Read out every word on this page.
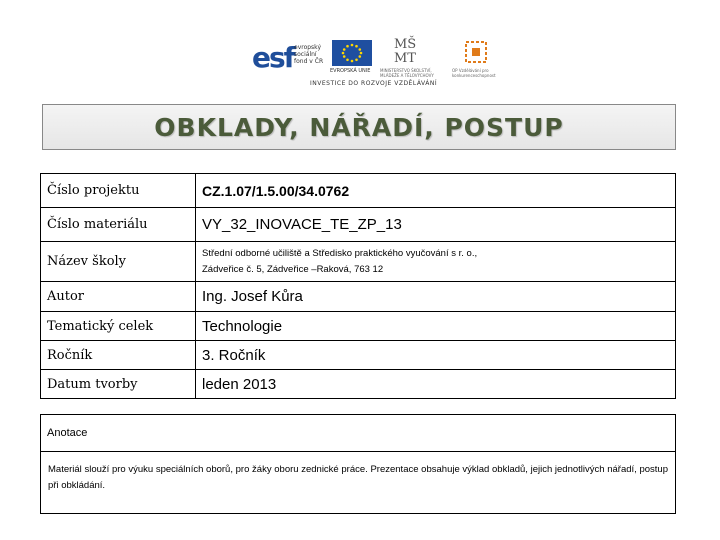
esf evropský sociální fond v ČR
EVROPSKÁ UNIE
MŠ MT
MINISTERSTVO ŠKOLSTVÍ, MLÁDEŽE A TĚLOVÝCHOVY
OP Vzdělávání pro konkurenceschopnost
INVESTICE DO ROZVOJE VZDĚLÁVÁNÍ
OBKLADY, NÁŘADÍ, POSTUP
Číslo projektu	CZ.1.07/1.5.00/34.0762
Číslo materiálu	VY_32_INOVACE_TE_ZP_13
Název školy	Střední odborné učiliště a Středisko praktického vyučování s r. o.,
Zádveřice č. 5, Zádveřice –Raková, 763 12

Autor	Ing. Josef Kůra
Tematický celek	Technologie
Ročník	3. Ročník
Datum tvorby	leden 2013
Anotace
Materiál slouží pro výuku speciálních oborů, pro žáky oboru zednické práce. Prezentace obsahuje výklad obkladů, jejich jednotlivých nářadí, postup při obkládání.
